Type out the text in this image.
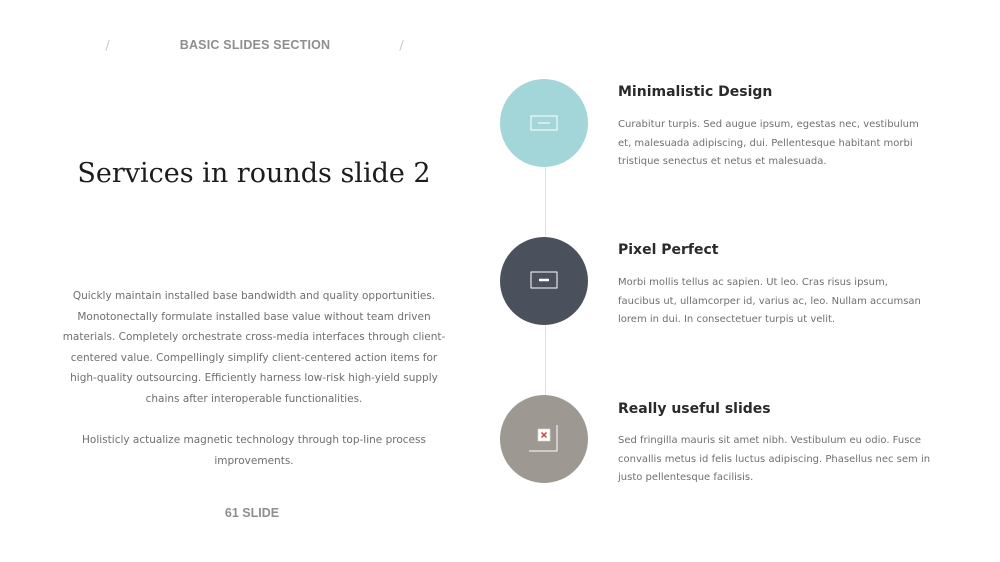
BASIC SLIDES SECTION
Services in rounds slide 2

Quickly maintain installed base bandwidth and quality opportunities. Monotonectally formulate installed base value without team driven materials. Completely orchestrate cross-media interfaces through client-centered value. Compellingly simplify client-centered action items for high-quality outsourcing. Efficiently harness low-risk high-yield supply chains after interoperable functionalities.

Holisticly actualize magnetic technology through top-line process improvements.

61 SLIDE
Minimalistic Design

Curabitur turpis. Sed augue ipsum, egestas nec, vestibulum et, malesuada adipiscing, dui. Pellentesque habitant morbi tristique senectus et netus et malesuada.

Pixel Perfect

Morbi mollis tellus ac sapien. Ut leo. Cras risus ipsum, faucibus ut, ullamcorper id, varius ac, leo. Nullam accumsan lorem in dui. In consectetuer turpis ut velit.

Really useful slides

Sed fringilla mauris sit amet nibh. Vestibulum eu odio. Fusce convallis metus id felis luctus adipiscing. Phasellus nec sem in justo pellentesque facilisis.
